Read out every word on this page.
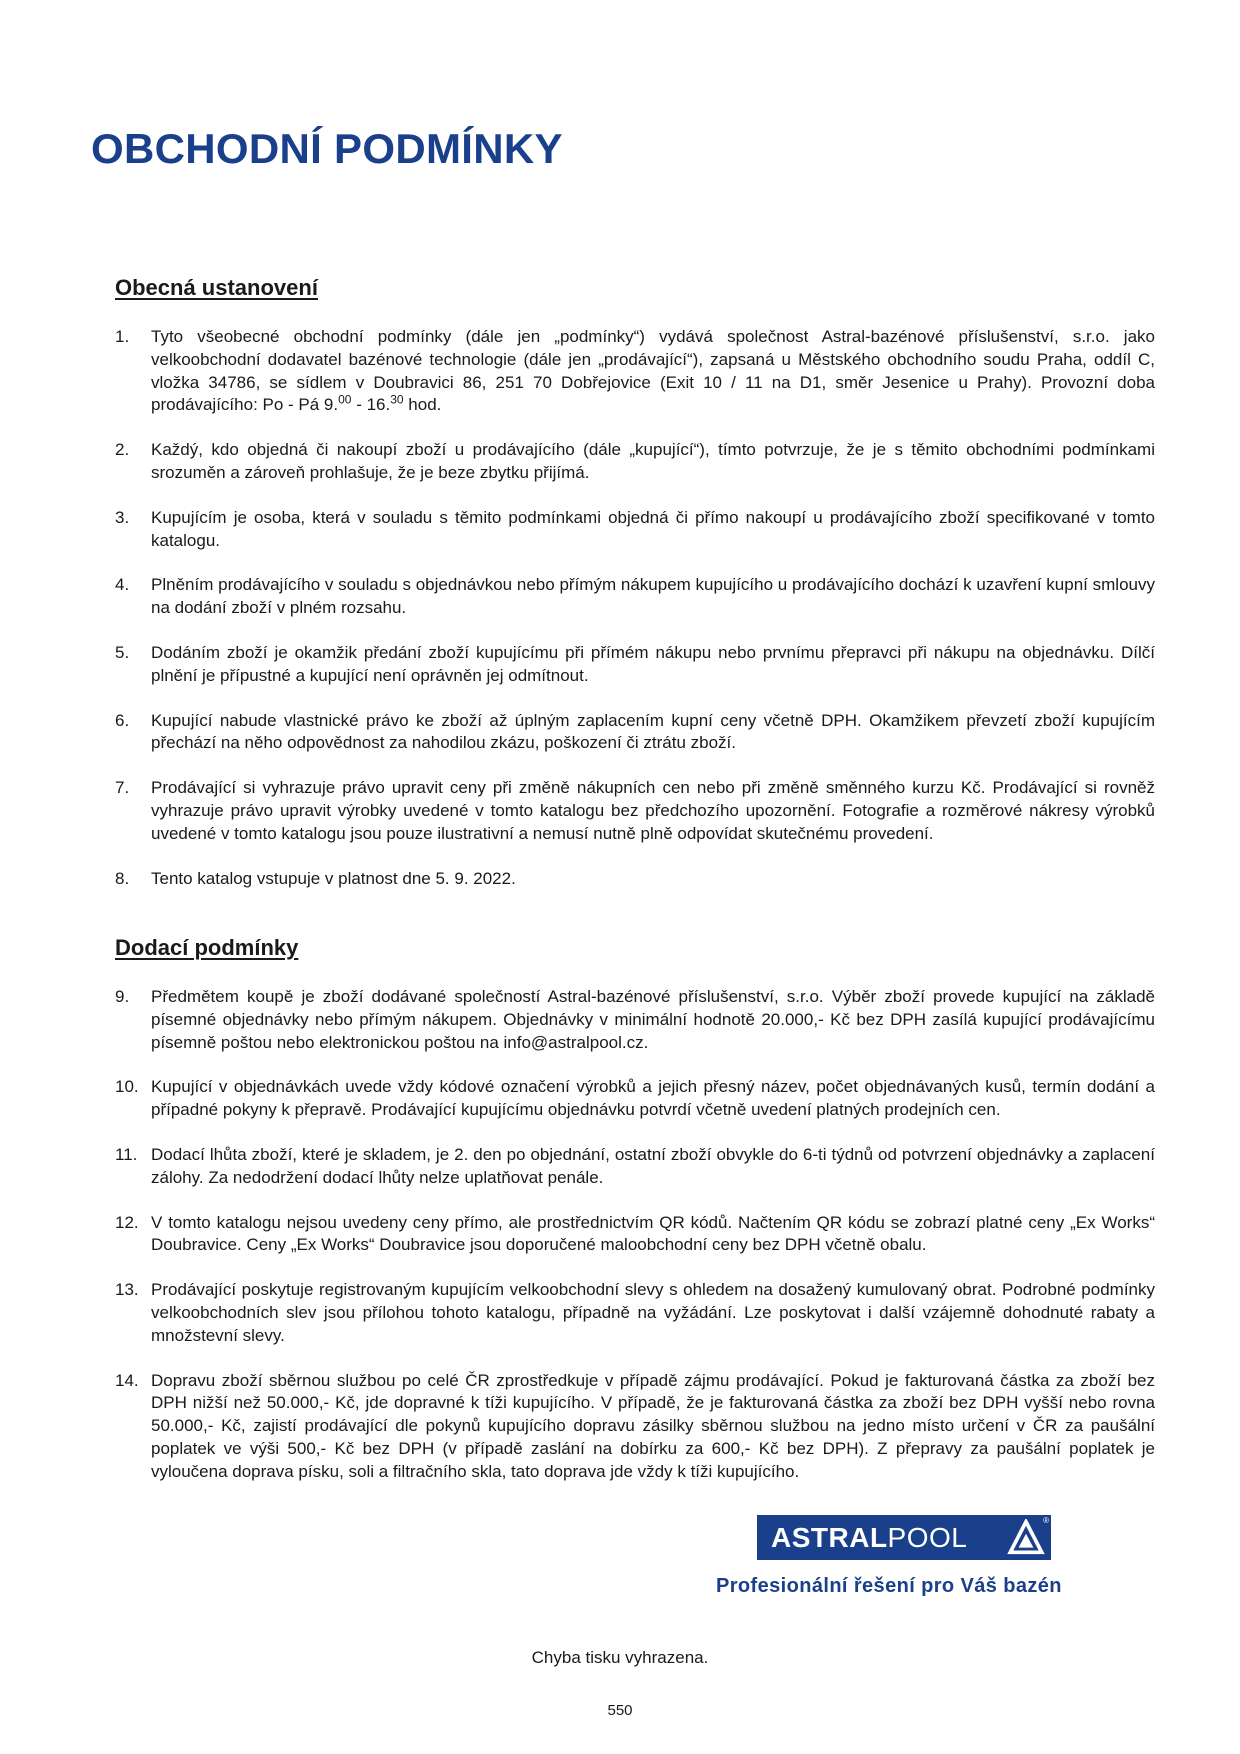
OBCHODNÍ PODMÍNKY
Obecná ustanovení
1. Tyto všeobecné obchodní podmínky (dále jen „podmínky“) vydává společnost Astral-bazénové příslušenství, s.r.o. jako velkoobchodní dodavatel bazénové technologie (dále jen „prodávající“), zapsaná u Městského obchodního soudu Praha, oddíl C, vložka 34786, se sídlem v Doubravici 86, 251 70 Dobřejovice (Exit 10 / 11 na D1, směr Jesenice u Prahy). Provozní doba prodávajícího: Po - Pá 9.00 - 16.30 hod.
2. Každý, kdo objedná či nakoupí zboží u prodávajícího (dále „kupující“), tímto potvrzuje, že je s těmito obchodními podmínkami srozuměn a zároveň prohlašuje, že je beze zbytku přijímá.
3. Kupujícím je osoba, která v souladu s těmito podmínkami objedná či přímo nakoupí u prodávajícího zboží specifikované v tomto katalogu.
4. Plněním prodávajícího v souladu s objednávkou nebo přímým nákupem kupujícího u prodávajícího dochází k uzavření kupní smlouvy na dodání zboží v plném rozsahu.
5. Dodáním zboží je okamžik předání zboží kupujícímu při přímém nákupu nebo prvnímu přepravci při nákupu na objednávku. Dílčí plnění je přípustné a kupující není oprávněn jej odmítnout.
6. Kupující nabude vlastnické právo ke zboží až úplným zaplacením kupní ceny včetně DPH. Okamžikem převzetí zboží kupujícím přechází na něho odpovědnost za nahodilou zkázu, poškození či ztrátu zboží.
7. Prodávající si vyhrazuje právo upravit ceny při změně nákupních cen nebo při změně směnného kurzu Kč. Prodávající si rovněž vyhrazuje právo upravit výrobky uvedené v tomto katalogu bez předchozího upozornění. Fotografie a rozměrové nákresy výrobků uvedené v tomto katalogu jsou pouze ilustrativní a nemusí nutně plně odpovídat skutečnému provedení.
8. Tento katalog vstupuje v platnost dne 5. 9. 2022.
Dodací podmínky
9. Předmětem koupě je zboží dodávané společností Astral-bazénové příslušenství, s.r.o. Výběr zboží provede kupující na základě písemné objednávky nebo přímým nákupem. Objednávky v minimální hodnotě 20.000,- Kč bez DPH zasílá kupující prodávajícímu písemně poštou nebo elektronickou poštou na info@astralpool.cz.
10. Kupující v objednávkách uvede vždy kódové označení výrobků a jejich přesný název, počet objednávaných kusů, termín dodání a případné pokyny k přepravě. Prodávající kupujícímu objednávku potvrdí včetně uvedení platných prodejních cen.
11. Dodací lhůta zboží, které je skladem, je 2. den po objednání, ostatní zboží obvykle do 6-ti týdnů od potvrzení objednávky a zaplacení zálohy. Za nedodržení dodací lhůty nelze uplatňovat penále.
12. V tomto katalogu nejsou uvedeny ceny přímo, ale prostřednictvím QR kódů. Načtením QR kódu se zobrazí platné ceny „Ex Works“ Doubravice. Ceny „Ex Works“ Doubravice jsou doporučené maloobchodní ceny bez DPH včetně obalu.
13. Prodávající poskytuje registrovaným kupujícím velkoobchodní slevy s ohledem na dosažený kumulovaný obrat. Podrobné podmínky velkoobchodních slev jsou přílohou tohoto katalogu, případně na vyžádání. Lze poskytovat i další vzájemně dohodnuté rabaty a množstevní slevy.
14. Dopravu zboží sběrnou službou po celé ČR zprostředkuje v případě zájmu prodávající. Pokud je fakturovaná částka za zboží bez DPH nižší než 50.000,- Kč, jde dopravné k tíži kupujícího. V případě, že je fakturovaná částka za zboží bez DPH vyšší nebo rovna 50.000,- Kč, zajistí prodávající dle pokynů kupujícího dopravu zásilky sběrnou službou na jedno místo určení v ČR za paušální poplatek ve výši 500,- Kč bez DPH (v případě zaslání na dobírku za 600,- Kč bez DPH). Z přepravy za paušální poplatek je vyloučena doprava písku, soli a filtračního skla, tato doprava jde vždy k tíži kupujícího.
ASTRALPOOL
®

Profesionální řešení pro Váš bazén

Chyba tisku vyhrazena.

550
